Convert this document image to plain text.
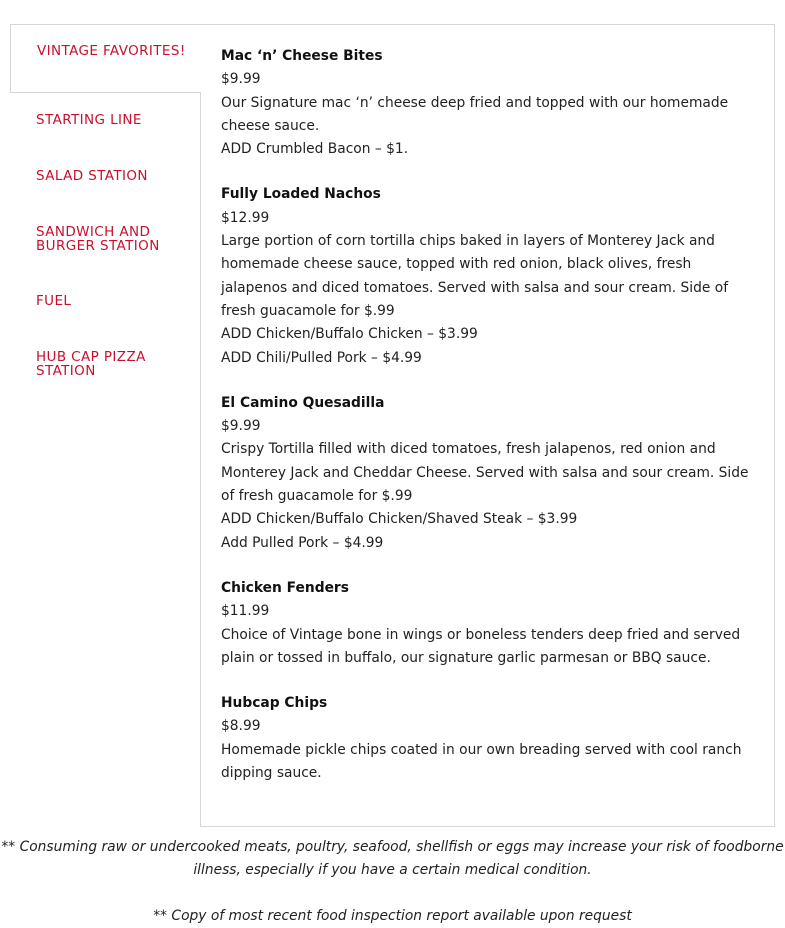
VINTAGE FAVORITES!
STARTING LINE
SALAD STATION
SANDWICH AND BURGER STATION
FUEL
HUB CAP PIZZA STATION
Mac ‘n’ Cheese Bites
$9.99
Our Signature mac ‘n’ cheese deep fried and topped with our homemade cheese sauce.
ADD Crumbled Bacon – $1.
Fully Loaded Nachos
$12.99
Large portion of corn tortilla chips baked in layers of Monterey Jack and homemade cheese sauce, topped with red onion, black olives, fresh jalapenos and diced tomatoes. Served with salsa and sour cream. Side of fresh guacamole for $.99
ADD Chicken/Buffalo Chicken – $3.99
ADD Chili/Pulled Pork – $4.99
El Camino Quesadilla
$9.99
Crispy Tortilla filled with diced tomatoes, fresh jalapenos, red onion and Monterey Jack and Cheddar Cheese. Served with salsa and sour cream. Side of fresh guacamole for $.99
ADD Chicken/Buffalo Chicken/Shaved Steak – $3.99
Add Pulled Pork – $4.99
Chicken Fenders
$11.99
Choice of Vintage bone in wings or boneless tenders deep fried and served plain or tossed in buffalo, our signature garlic parmesan or BBQ sauce.
Hubcap Chips
$8.99
Homemade pickle chips coated in our own breading served with cool ranch dipping sauce.

** Consuming raw or undercooked meats, poultry, seafood, shellfish or eggs may increase your risk of foodborne illness, especially if you have a certain medical condition.

** Copy of most recent food inspection report available upon request
